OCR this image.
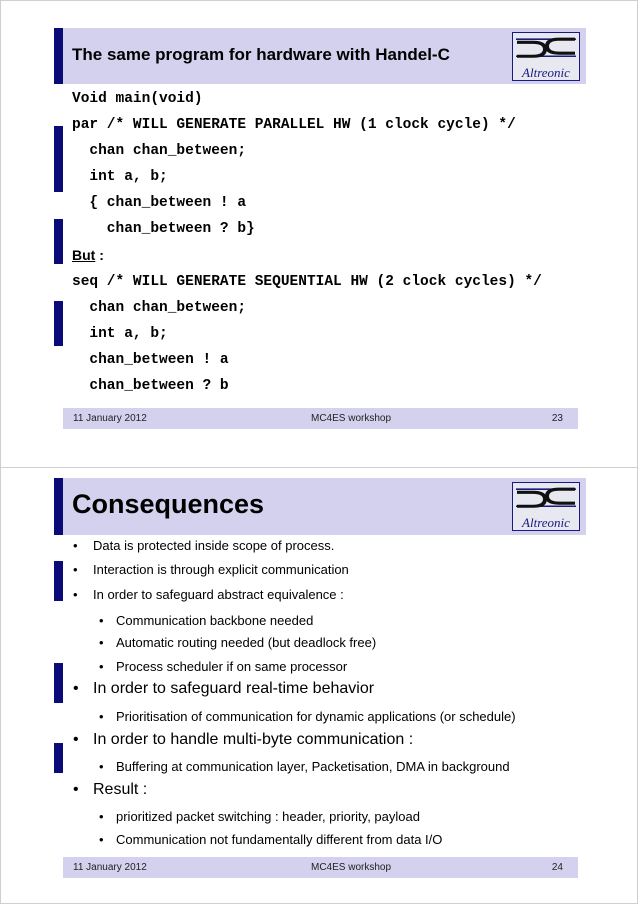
The same program for hardware with Handel-C
Altreonic
Void main(void)
par /* WILL GENERATE PARALLEL HW (1 clock cycle) */
chan chan_between;
int a, b;
{ chan_between ! a
chan_between ? b}
But :
seq /* WILL GENERATE SEQUENTIAL HW (2 clock cycles) */
chan chan_between;
int a, b;
chan_between ! a
chan_between ? b
11 January 2012	MC4ES workshop	23
Consequences
Altreonic
• Data is protected inside scope of process.
• Interaction is through explicit communication
• In order to safeguard abstract equivalence :
• Communication backbone needed
• Automatic routing needed (but deadlock free)
• Process scheduler if on same processor
• In order to safeguard real-time behavior
• Prioritisation of communication for dynamic applications (or schedule)
• In order to handle multi-byte communication :
• Buffering at communication layer, Packetisation, DMA in background
• Result :
• prioritized packet switching : header, priority, payload
• Communication not fundamentally different from data I/O
11 January 2012	MC4ES workshop	24
